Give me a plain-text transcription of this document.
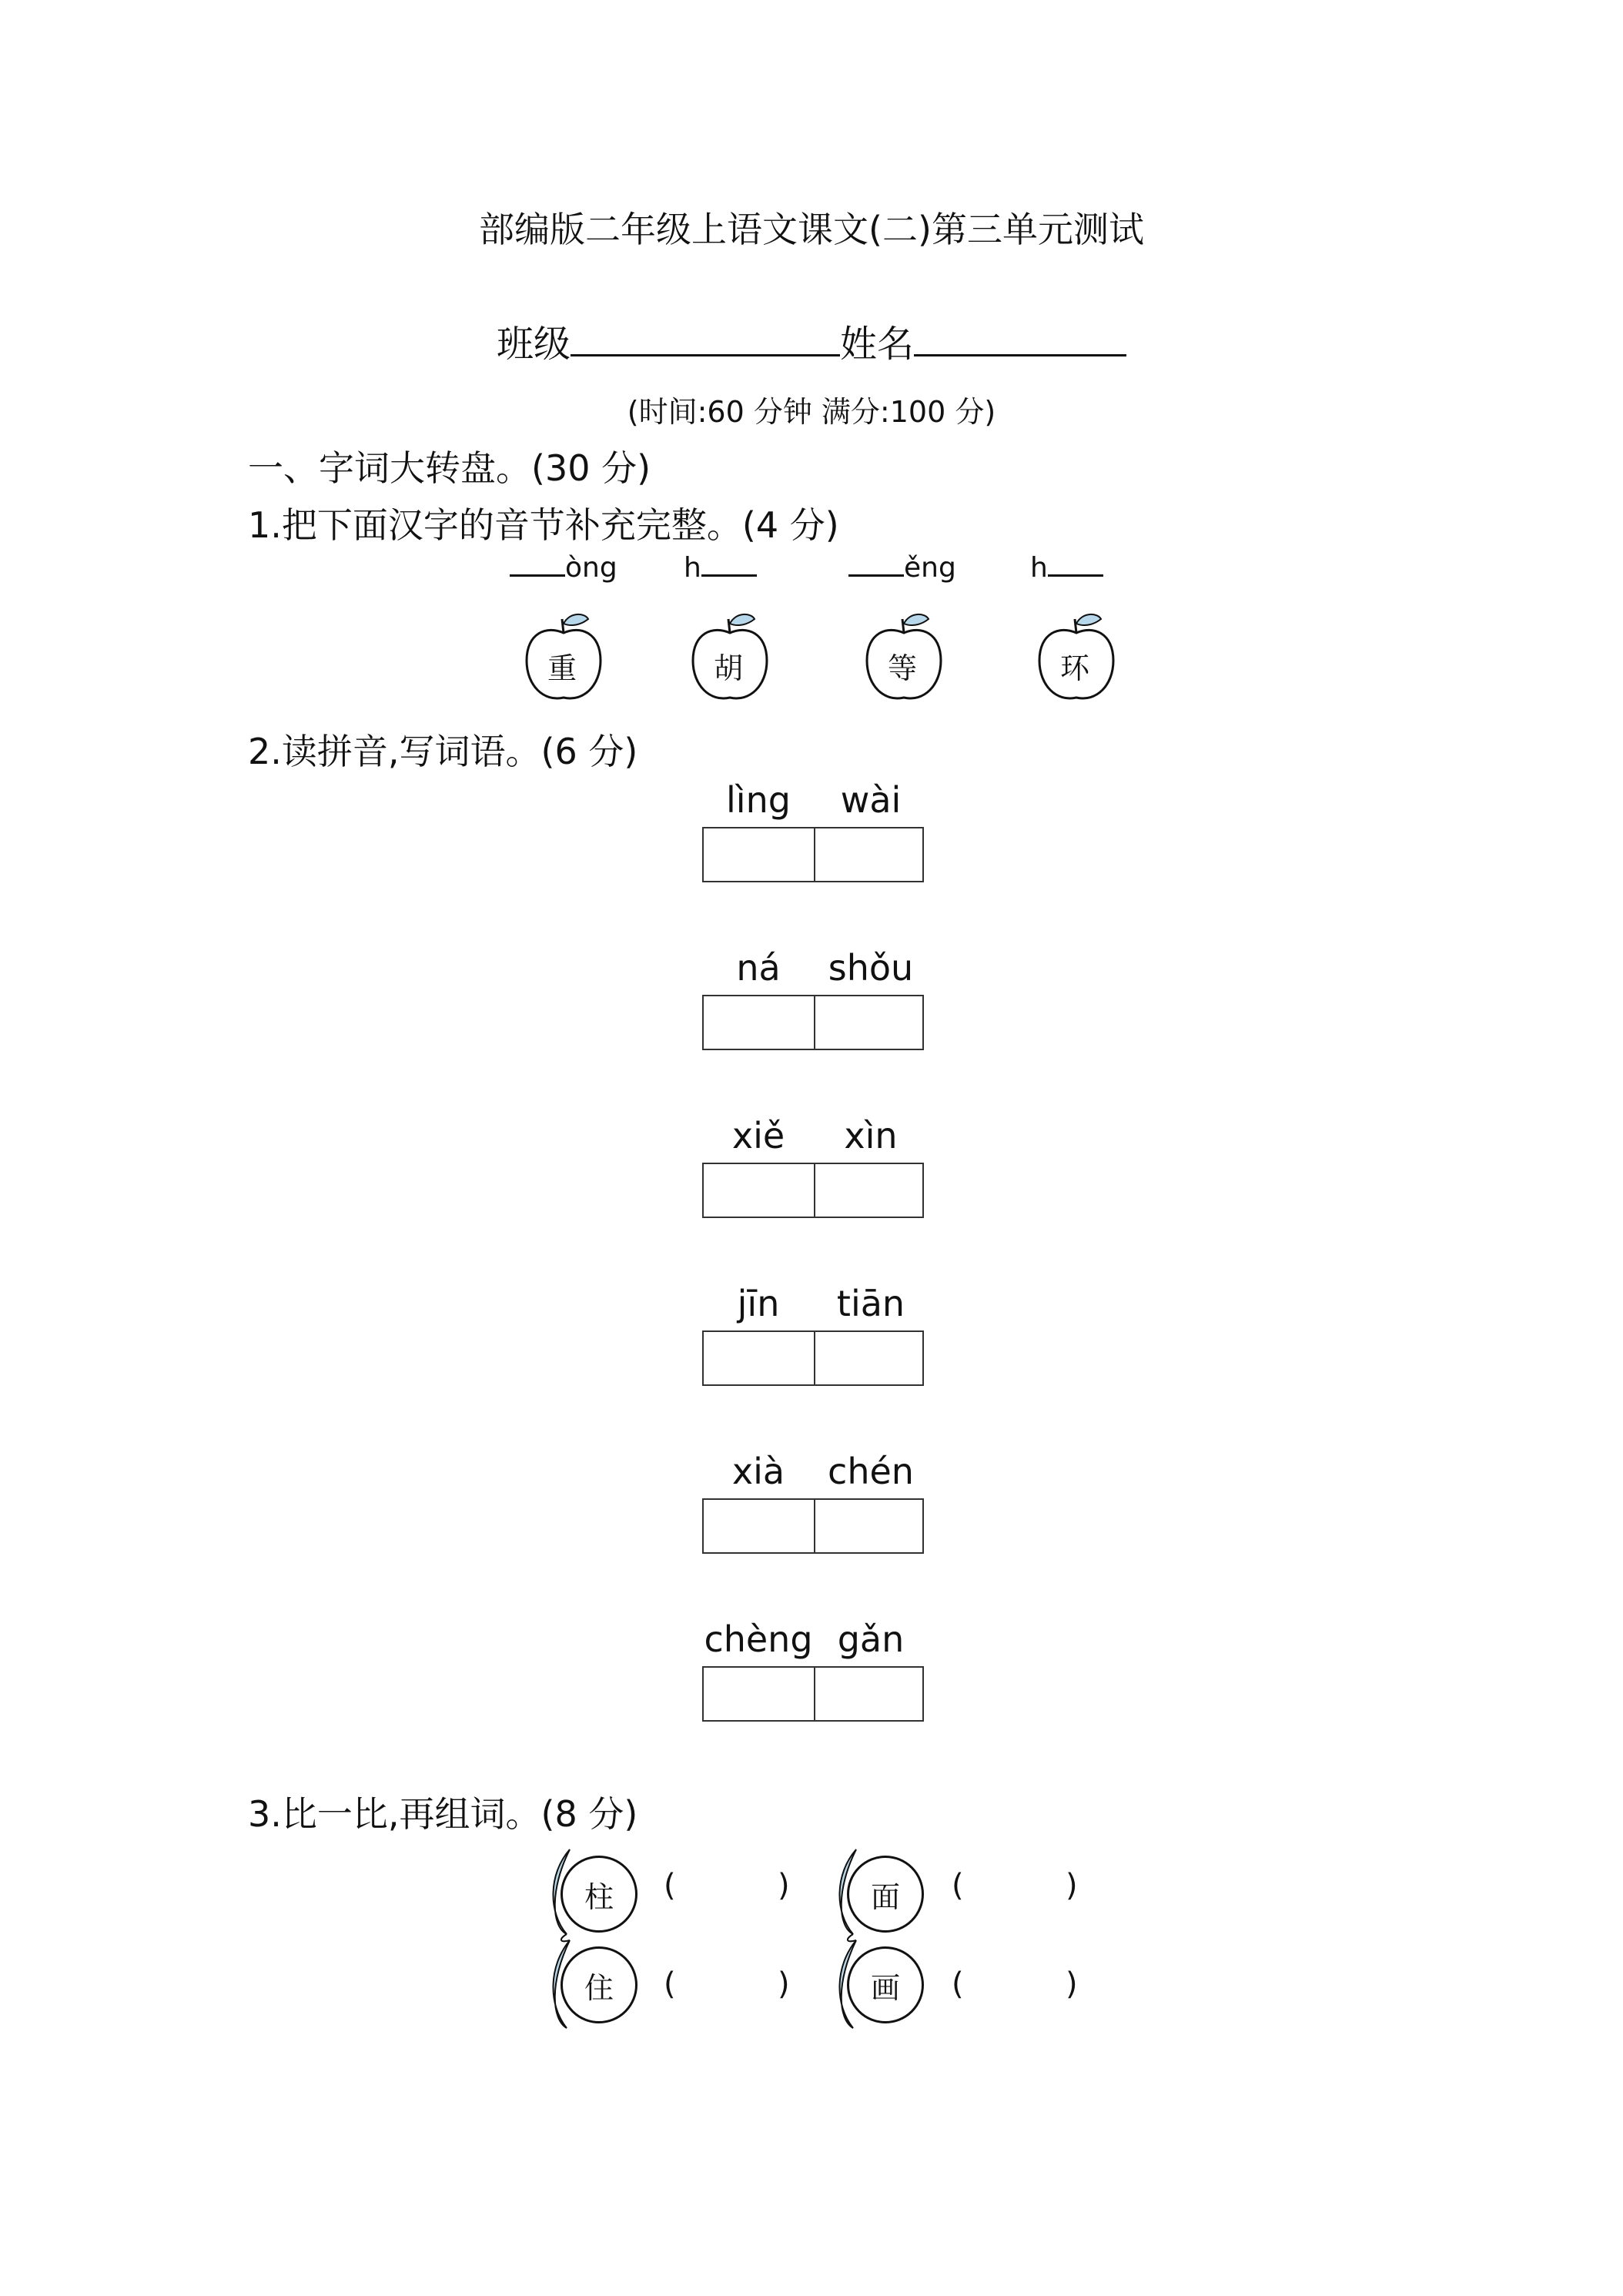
部编版二年级上语文课文(二)第三单元测试
班级	姓名
(时间:60 分钟 满分:100 分)
一、字词大转盘。(30 分)
1.把下面汉字的音节补充完整。(4 分)
òng h	ěng	h
重	胡	等	环
2.读拼音,写词语。(6 分)
lìng wài
ná shǒu
xiě xìn
jīn tiān
xià chén
chèng gǎn
3.比一比,再组词。(8 分)
柱
住
(	)
(	)
面
画
(	)
(	)
